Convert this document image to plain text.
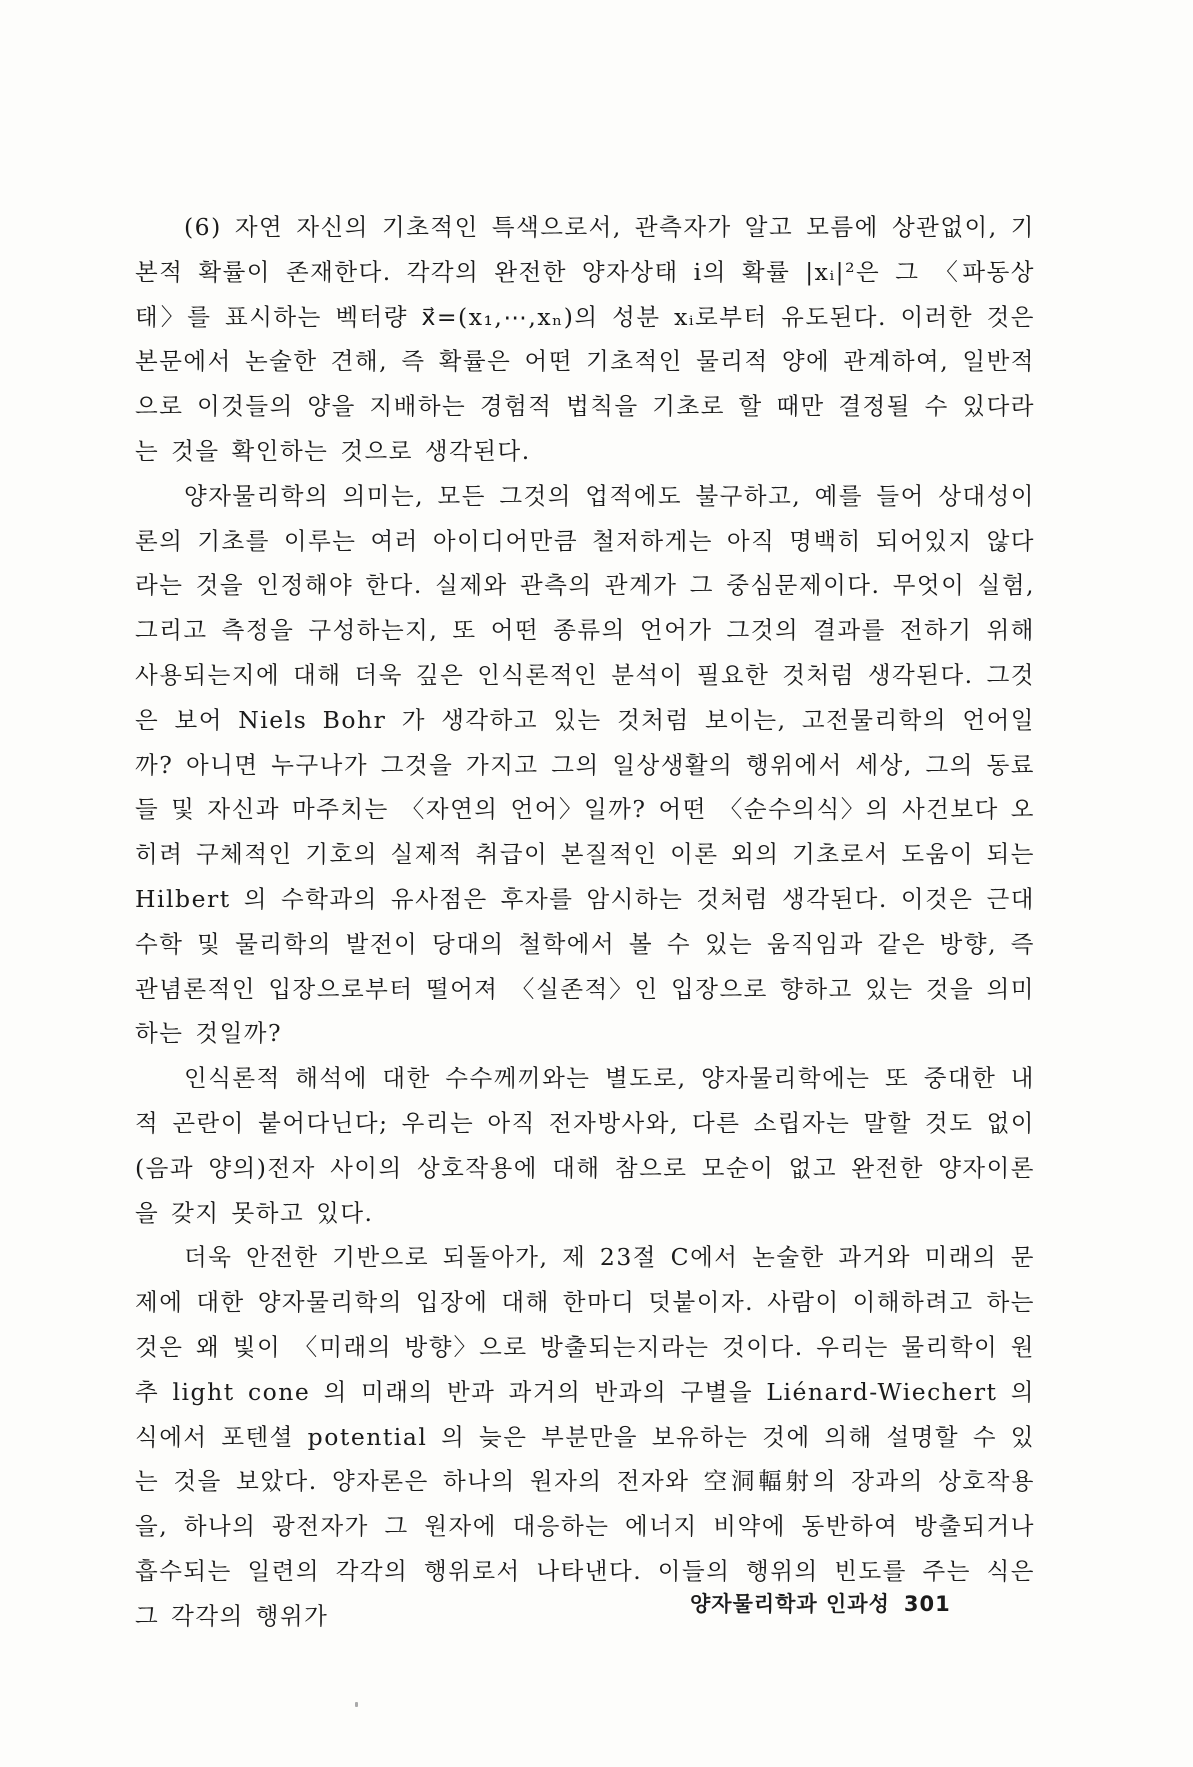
(6) 자연 자신의 기초적인 특색으로서, 관측자가 알고 모름에 상관없이, 기본적 확률이 존재한다. 각각의 완전한 양자상태 i의 확률 |xᵢ|²은 그 〈파동상태〉를 표시하는 벡터량 x⃗=(x₁,⋯,xₙ)의 성분 xᵢ로부터 유도된다. 이러한 것은 본문에서 논술한 견해, 즉 확률은 어떤 기초적인 물리적 양에 관계하여, 일반적으로 이것들의 양을 지배하는 경험적 법칙을 기초로 할 때만 결정될 수 있다라는 것을 확인하는 것으로 생각된다.

양자물리학의 의미는, 모든 그것의 업적에도 불구하고, 예를 들어 상대성이론의 기초를 이루는 여러 아이디어만큼 철저하게는 아직 명백히 되어있지 않다라는 것을 인정해야 한다. 실제와 관측의 관계가 그 중심문제이다. 무엇이 실험, 그리고 측정을 구성하는지, 또 어떤 종류의 언어가 그것의 결과를 전하기 위해 사용되는지에 대해 더욱 깊은 인식론적인 분석이 필요한 것처럼 생각된다. 그것은 보어 Niels Bohr 가 생각하고 있는 것처럼 보이는, 고전물리학의 언어일까? 아니면 누구나가 그것을 가지고 그의 일상생활의 행위에서 세상, 그의 동료들 및 자신과 마주치는 〈자연의 언어〉일까? 어떤 〈순수의식〉의 사건보다 오히려 구체적인 기호의 실제적 취급이 본질적인 이론 외의 기초로서 도움이 되는 Hilbert 의 수학과의 유사점은 후자를 암시하는 것처럼 생각된다. 이것은 근대 수학 및 물리학의 발전이 당대의 철학에서 볼 수 있는 움직임과 같은 방향, 즉 관념론적인 입장으로부터 떨어져 〈실존적〉인 입장으로 향하고 있는 것을 의미하는 것일까?

인식론적 해석에 대한 수수께끼와는 별도로, 양자물리학에는 또 중대한 내적 곤란이 붙어다닌다; 우리는 아직 전자방사와, 다른 소립자는 말할 것도 없이(음과 양의)전자 사이의 상호작용에 대해 참으로 모순이 없고 완전한 양자이론을 갖지 못하고 있다.

더욱 안전한 기반으로 되돌아가, 제 23절 C에서 논술한 과거와 미래의 문제에 대한 양자물리학의 입장에 대해 한마디 덧붙이자. 사람이 이해하려고 하는 것은 왜 빛이 〈미래의 방향〉으로 방출되는지라는 것이다. 우리는 물리학이 원추 light cone 의 미래의 반과 과거의 반과의 구별을 Liénard-Wiechert 의 식에서 포텐셜 potential 의 늦은 부분만을 보유하는 것에 의해 설명할 수 있는 것을 보았다. 양자론은 하나의 원자의 전자와 空洞輻射의 장과의 상호작용을, 하나의 광전자가 그 원자에 대응하는 에너지 비약에 동반하여 방출되거나 흡수되는 일련의 각각의 행위로서 나타낸다. 이들의 행위의 빈도를 주는 식은 그 각각의 행위가	양자물리학과 인과성 301
